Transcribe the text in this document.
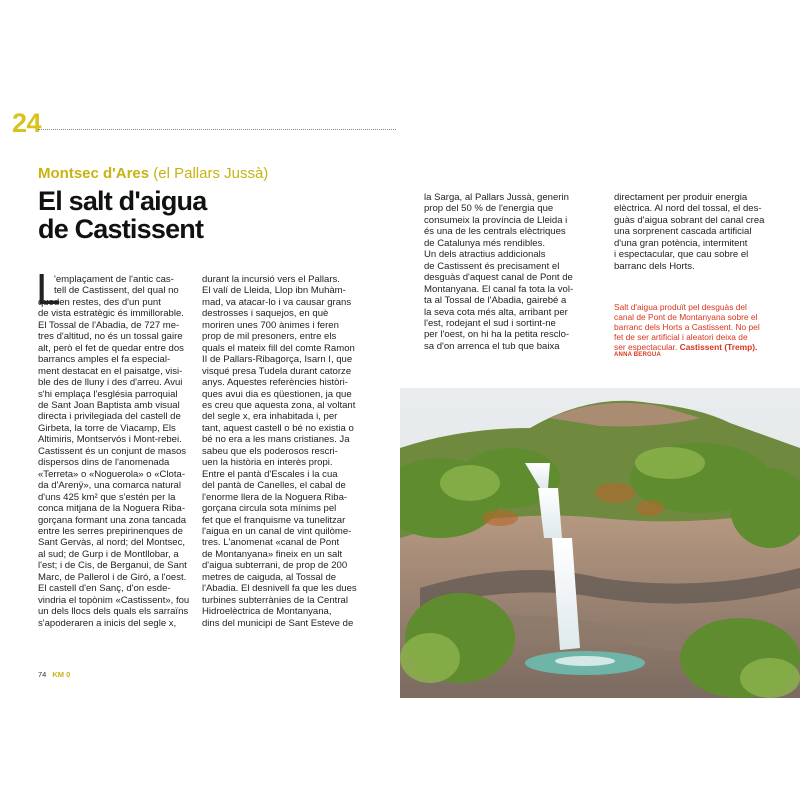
24
Montsec d'Ares (el Pallars Jussà)
El salt d'aigua
de Castissent
L
'emplaçament de l'antic cas-
tell de Castissent, del qual no
queden restes, des d'un punt
de vista estratègic és immillorable.
El Tossal de l'Abadia, de 727 me-
tres d'altitud, no és un tossal gaire
alt, però el fet de quedar entre dos
barrancs amples el fa especial-
ment destacat en el paisatge, visi-
ble des de lluny i des d'arreu. Avui
s'hi emplaça l'església parroquial
de Sant Joan Baptista amb visual
directa i privilegiada del castell de
Girbeta, la torre de Viacamp, Els
Altimiris, Montservós i Mont-rebei.
Castissent és un conjunt de masos
dispersos dins de l'anomenada
«Terreta» o «Noguerola» o «Clota-
da d'Arenÿ», una comarca natural
d'uns 425 km² que s'estén per la
conca mitjana de la Noguera Riba-
gorçana formant una zona tancada
entre les serres prepirinenques de
Sant Gervàs, al nord; del Montsec,
al sud; de Gurp i de Montllobar, a
l'est; i de Cis, de Berganui, de Sant
Marc, de Pallerol i de Giró, a l'oest.
El castell d'en Sanç, d'on esde-
vindria el topònim «Castissent», fou
un dels llocs dels quals els sarraïns
s'apoderaren a inicis del segle x,
durant la incursió vers el Pallars.
El valí de Lleida, Llop ibn Muhàm-
mad, va atacar-lo i va causar grans
destrosses i saquejos, en què
moriren unes 700 ànimes i feren
prop de mil presoners, entre els
quals el mateix fill del comte Ramon
II de Pallars-Ribagorça, Isarn I, que
visqué presa Tudela durant catorze
anys. Aquestes referències històri-
ques avui dia es qüestionen, ja que
es creu que aquesta zona, al voltant
del segle x, era inhabitada i, per
tant, aquest castell o bé no existia o
bé no era a les mans cristianes. Ja
sabeu que els poderosos rescri-
uen la història en interès propi.
Entre el pantà d'Escales i la cua
del pantà de Canelles, el cabal de
l'enorme llera de la Noguera Riba-
gorçana circula sota mínims pel
fet que el franquisme va tunelitzar
l'aigua en un canal de vint quilòme-
tres. L'anomenat «canal de Pont
de Montanyana» fineix en un salt
d'aigua subterrani, de prop de 200
metres de caiguda, al Tossal de
l'Abadia. El desnivell fa que les dues
turbines subterrànies de la Central
Hidroelèctrica de Montanyana,
dins del municipi de Sant Esteve de
la Sarga, al Pallars Jussà, generin
prop del 50 % de l'energia que
consumeix la província de Lleida i
és una de les centrals elèctriques
de Catalunya més rendibles.
Un dels atractius addicionals
de Castissent és precisament el
desguàs d'aquest canal de Pont de
Montanyana. El canal fa tota la vol-
ta al Tossal de l'Abadia, gairebé a
la seva cota més alta, arribant per
l'est, rodejant el sud i sortint-ne
per l'oest, on hi ha la petita resclo-
sa d'on arrenca el tub que baixa
directament per produir energia
elèctrica. Al nord del tossal, el des-
guàs d'aigua sobrant del canal crea
una sorprenent cascada artificial
d'una gran potència, intermitent
i espectacular, que cau sobre el
barranc dels Horts.
Salt d'aigua produït pel desguàs del
canal de Pont de Montanyana sobre el
barranc dels Horts a Castissent. No pel
fet de ser artificial i aleatori deixa de
ser espectacular. Castissent (Tremp).
ANNA BERGUA
74 KM 0
